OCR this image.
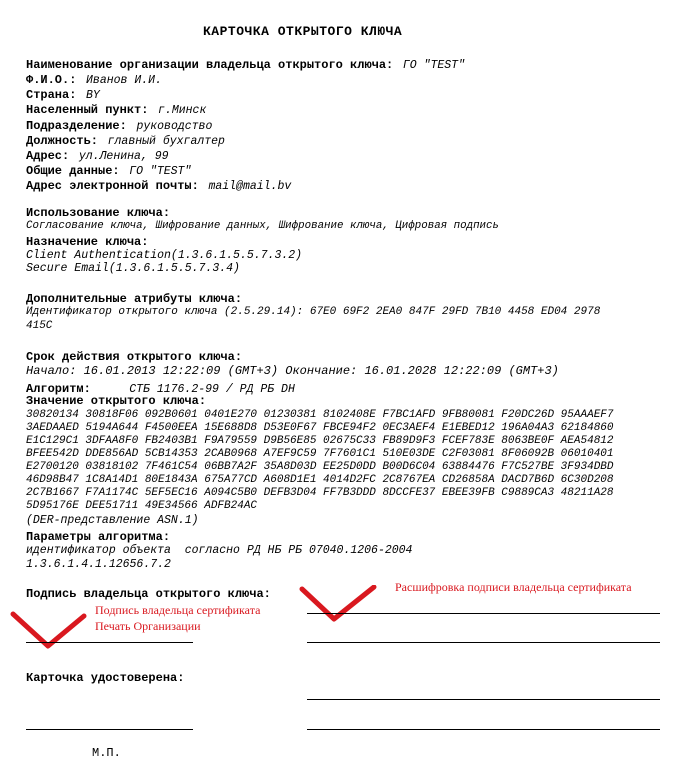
КАРТОЧКА ОТКРЫТОГО КЛЮЧА
Наименование организации владельца открытого ключа: ГО "TEST"
Ф.И.О.: Иванов И.И.
Страна: BY
Населенный пункт: г.Минск
Подразделение: руководство
Должность: главный бухгалтер
Адрес: ул.Ленина, 99
Общие данные: ГО "TEST"
Адрес электронной почты: mail@mail.bv
Использование ключа:
Согласование ключа, Шифрование данных, Шифрование ключа, Цифровая подпись
Назначение ключа:
Client Authentication(1.3.6.1.5.5.7.3.2)
Secure Email(1.3.6.1.5.5.7.3.4)
Дополнительные атрибуты ключа:
Идентификатор открытого ключа (2.5.29.14): 67E0 69F2 2EA0 847F 29FD 7B10 4458 ED04 2978
415C
Срок действия открытого ключа:
Начало: 16.01.2013 12:22:09 (GMT+3) Окончание: 16.01.2028 12:22:09 (GMT+3)
Алгоритм:	СТБ 1176.2-99 / РД РБ DH
Значение открытого ключа:
30820134 30818F06 092B0601 0401E270 01230381 8102408E F7BC1AFD 9FB80081 F20DC26D 95AAAEF7
3AEDAAED 5194A644 F4500EEA 15E688D8 D53E0F67 FBCE94F2 0EC3AEF4 E1EBED12 196A04A3 62184860
E1C129C1 3DFAA8F0 FB2403B1 F9A79559 D9B56E85 02675C33 FB89D9F3 FCEF783E 8063BE0F AEA54812
BFEE542D DDE856AD 5CB14353 2CAB0968 A7EF9C59 7F7601C1 510E03DE C2F03081 8F06092B 06010401
E2700120 03818102 7F461C54 06BB7A2F 35A8D03D EE25D0DD B00D6C04 63884476 F7C527BE 3F934DBD
46D98B47 1C8A14D1 80E1843A 675A77CD A608D1E1 4014D2FC 2C8767EA CD26858A DACD7B6D 6C30D208
2C7B1667 F7A1174C 5EF5EC16 A094C5B0 DEFB3D04 FF7B3DDD 8DCCFE37 EBEE39FB C9889CA3 48211A28
5D95176E DEE51711 49E34566 ADFB24AC
(DER-представление ASN.1)
Параметры алгоритма:
идентификатор объекта  согласно РД НБ РБ 07040.1206-2004
1.3.6.1.4.1.12656.7.2
Подпись владельца открытого ключа:	Расшифровка подписи владельца сертификата
Подпись владельца сертификата
Печать Организации
Карточка удостоверена:
М.П.
